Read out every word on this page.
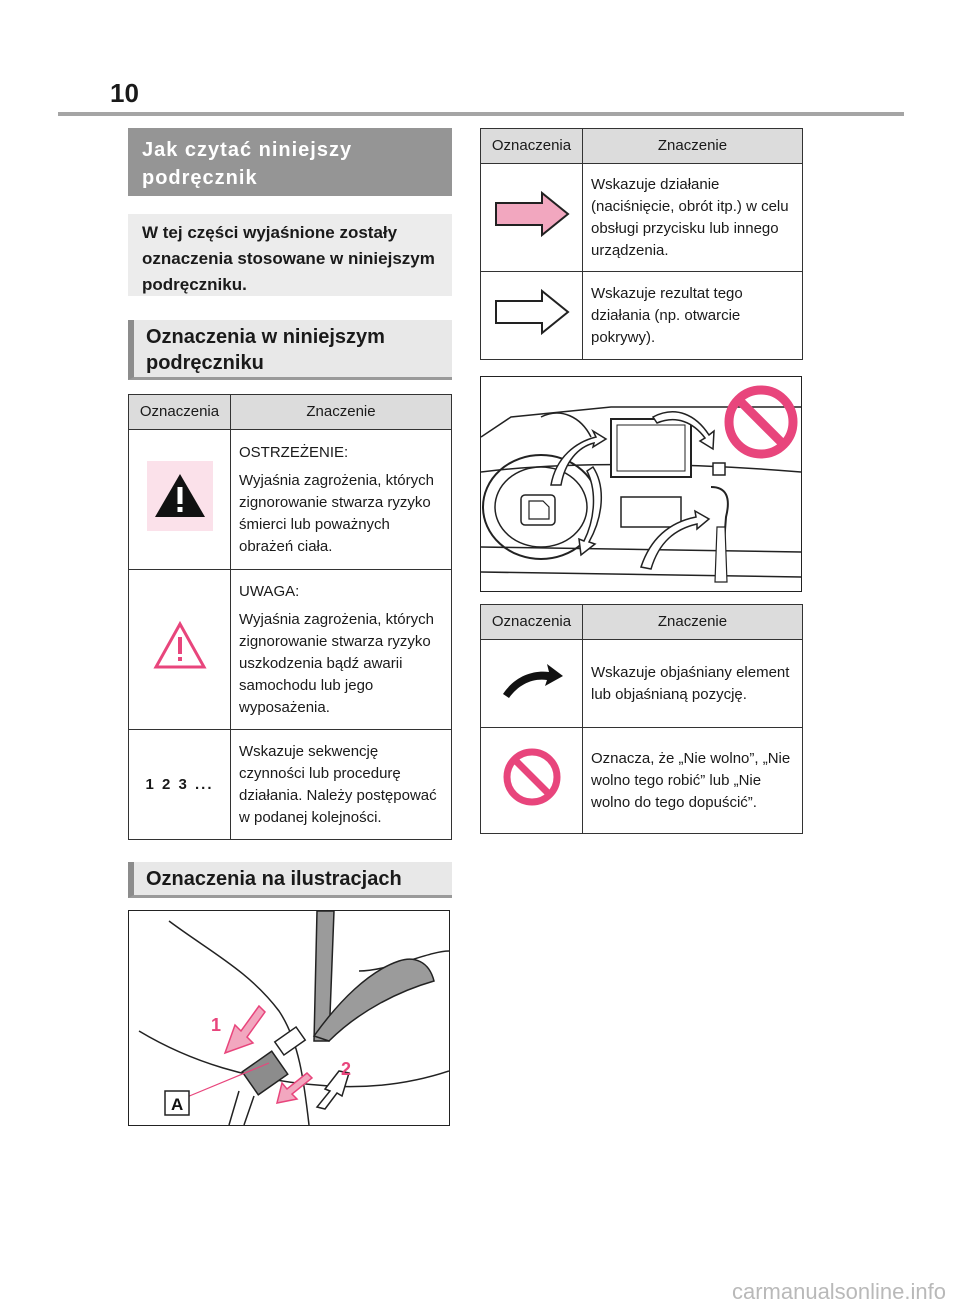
10
Jak czytać niniejszy podręcznik
W tej części wyjaśnione zostały oznaczenia stosowane w niniejszym podręczniku.
Oznaczenia w niniejszym podręczniku
Oznaczenia	Znaczenie

OSTRZEŻENIE:

Wyjaśnia zagrożenia, których zignorowanie stwarza ryzyko śmierci lub poważnych obrażeń ciała.

UWAGA:

Wyjaśnia zagrożenia, których zignorowanie stwarza ryzyko uszkodzenia bądź awarii samochodu lub jego wyposażenia.

1 2 3 ...	Wskazuje sekwencję czynności lub procedurę działania. Należy postępować w podanej kolejności.

Oznaczenia na ilustracjach
1
2
A
Oznaczenia	Znaczenie

Wskazuje działanie (naciśnięcie, obrót itp.) w celu obsługi przycisku lub innego urządzenia.

Wskazuje rezultat tego działania (np. otwarcie pokrywy).

Oznaczenia	Znaczenie

Wskazuje objaśniany element lub objaśnianą pozycję.

Oznacza, że „Nie wolno”, „Nie wolno tego robić” lub „Nie wolno do tego dopuścić”.

carmanualsonline.info
